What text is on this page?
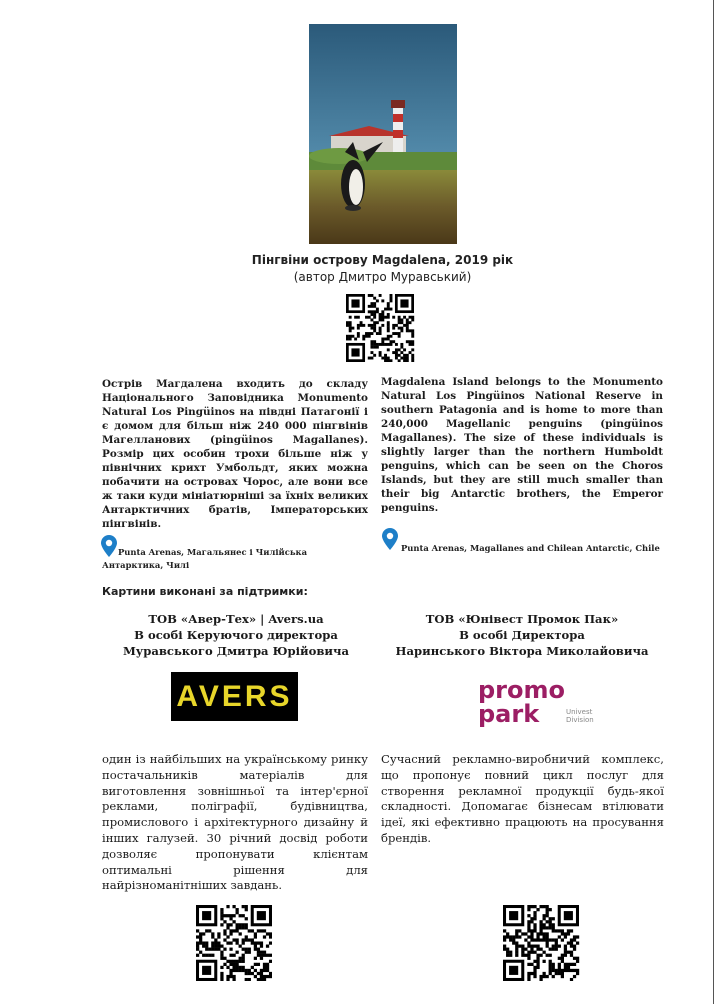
Пінгвіни острову Magdalena, 2019 рік
(автор Дмитро Муравський)
Острів Магдалена входить до складу Національного Заповідника Monumento Natural Los Pingüinos на півдні Патагонії і є домом для більш ніж 240 000 пінгвінів Магеллановиx (pingüinos Magallanes). Розмір цих особин трохи більше ніж у північних крихт Умбольдт, яких можна побачити на островах Чорос, але вони все ж таки куди мініатюрніші за їхніх великих Антарктичних братів, Імператорських пінгвінів.
Magdalena Island belongs to the Monumento Natural Los Pingüinos National Reserve in southern Patagonia and is home to more than 240,000 Magellanic penguins (pingüinos Magallanes). The size of these individuals is slightly larger than the northern Humboldt penguins, which can be seen on the Choros Islands, but they are still much smaller than their big Antarctic brothers, the Emperor penguins.
Punta Arenas, Магальянес і Чилійська Антарктика, Чилі
Punta Arenas, Magallanes and Chilean Antarctic, Chile
Картини виконані за підтримки:
ТОВ «Авер-Тех» | Avers.ua
В особі Керуючого директора
Муравського Дмитра Юрійовича
ТОВ «Юнівест Промок Пак»
В особі Директора
Наринського Віктора Миколайовича
AVERS	promo
park	Univest
Division
один із найбільших на українському ринку постачальників матеріалів для виготовлення зовнішньої та інтер'єрної реклами, поліграфії, будівництва, промислового і архітектурного дизайну й інших галузей. 30 річний досвід роботи дозволяє пропонувати клієнтам оптимальні рішення для найрізноманітніших завдань.
Сучасний рекламно-виробничий комплекс, що пропонує повний цикл послуг для створення рекламної продукції будь-якої складності. Допомагає бізнесам втілювати ідеї, які ефективно працюють на просування брендів.
